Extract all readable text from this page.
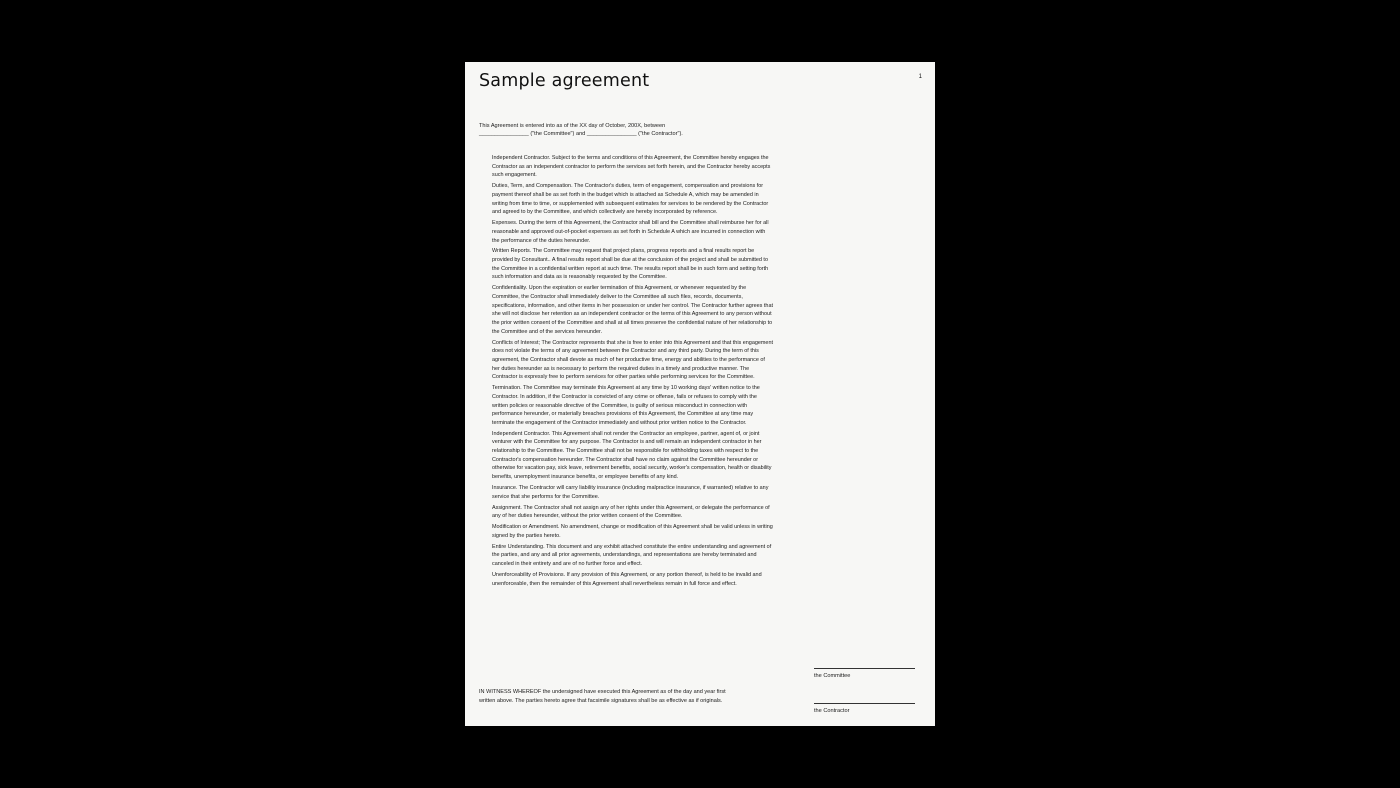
Sample agreement	1
This Agreement is entered into as of the XX day of October, 200X, between
________________ ("the Committee") and ________________ ("the Contractor").
Independent Contractor. Subject to the terms and conditions of this Agreement, the Committee hereby engages the Contractor as an independent contractor to perform the services set forth herein, and the Contractor hereby accepts such engagement.
Duties, Term, and Compensation. The Contractor's duties, term of engagement, compensation and provisions for payment thereof shall be as set forth in the budget which is attached as Schedule A, which may be amended in writing from time to time, or supplemented with subsequent estimates for services to be rendered by the Contractor and agreed to by the Committee, and which collectively are hereby incorporated by reference.
Expenses. During the term of this Agreement, the Contractor shall bill and the Committee shall reimburse her for all reasonable and approved out-of-pocket expenses as set forth in Schedule A which are incurred in connection with the performance of the duties hereunder.
Written Reports. The Committee may request that project plans, progress reports and a final results report be provided by Consultant.. A final results report shall be due at the conclusion of the project and shall be submitted to the Committee in a confidential written report at such time. The results report shall be in such form and setting forth such information and data as is reasonably requested by the Committee.
Confidentiality. Upon the expiration or earlier termination of this Agreement, or whenever requested by the Committee, the Contractor shall immediately deliver to the Committee all such files, records, documents, specifications, information, and other items in her possession or under her control. The Contractor further agrees that she will not disclose her retention as an independent contractor or the terms of this Agreement to any person without the prior written consent of the Committee and shall at all times preserve the confidential nature of her relationship to the Committee and of the services hereunder.
Conflicts of Interest; The Contractor represents that she is free to enter into this Agreement and that this engagement does not violate the terms of any agreement between the Contractor and any third party. During the term of this agreement, the Contractor shall devote as much of her productive time, energy and abilities to the performance of her duties hereunder as is necessary to perform the required duties in a timely and productive manner. The Contractor is expressly free to perform services for other parties while performing services for the Committee.
Termination. The Committee may terminate this Agreement at any time by 10 working days' written notice to the Contractor. In addition, if the Contractor is convicted of any crime or offense, fails or refuses to comply with the written policies or reasonable directive of the Committee, is guilty of serious misconduct in connection with performance hereunder, or materially breaches provisions of this Agreement, the Committee at any time may terminate the engagement of the Contractor immediately and without prior written notice to the Contractor.
Independent Contractor. This Agreement shall not render the Contractor an employee, partner, agent of, or joint venturer with the Committee for any purpose. The Contractor is and will remain an independent contractor in her relationship to the Committee. The Committee shall not be responsible for withholding taxes with respect to the Contractor's compensation hereunder. The Contractor shall have no claim against the Committee hereunder or otherwise for vacation pay, sick leave, retirement benefits, social security, worker's compensation, health or disability benefits, unemployment insurance benefits, or employee benefits of any kind.
Insurance. The Contractor will carry liability insurance (including malpractice insurance, if warranted) relative to any service that she performs for the Committee.
Assignment. The Contractor shall not assign any of her rights under this Agreement, or delegate the performance of any of her duties hereunder, without the prior written consent of the Committee.
Modification or Amendment. No amendment, change or modification of this Agreement shall be valid unless in writing signed by the parties hereto.
Entire Understanding. This document and any exhibit attached constitute the entire understanding and agreement of the parties, and any and all prior agreements, understandings, and representations are hereby terminated and canceled in their entirety and are of no further force and effect.
Unenforceability of Provisions. If any provision of this Agreement, or any portion thereof, is held to be invalid and unenforceable, then the remainder of this Agreement shall nevertheless remain in full force and effect.
IN WITNESS WHEREOF the undersigned have executed this Agreement as of the day and year first written above. The parties hereto agree that facsimile signatures shall be as effective as if originals.
the Committee
the Contractor
